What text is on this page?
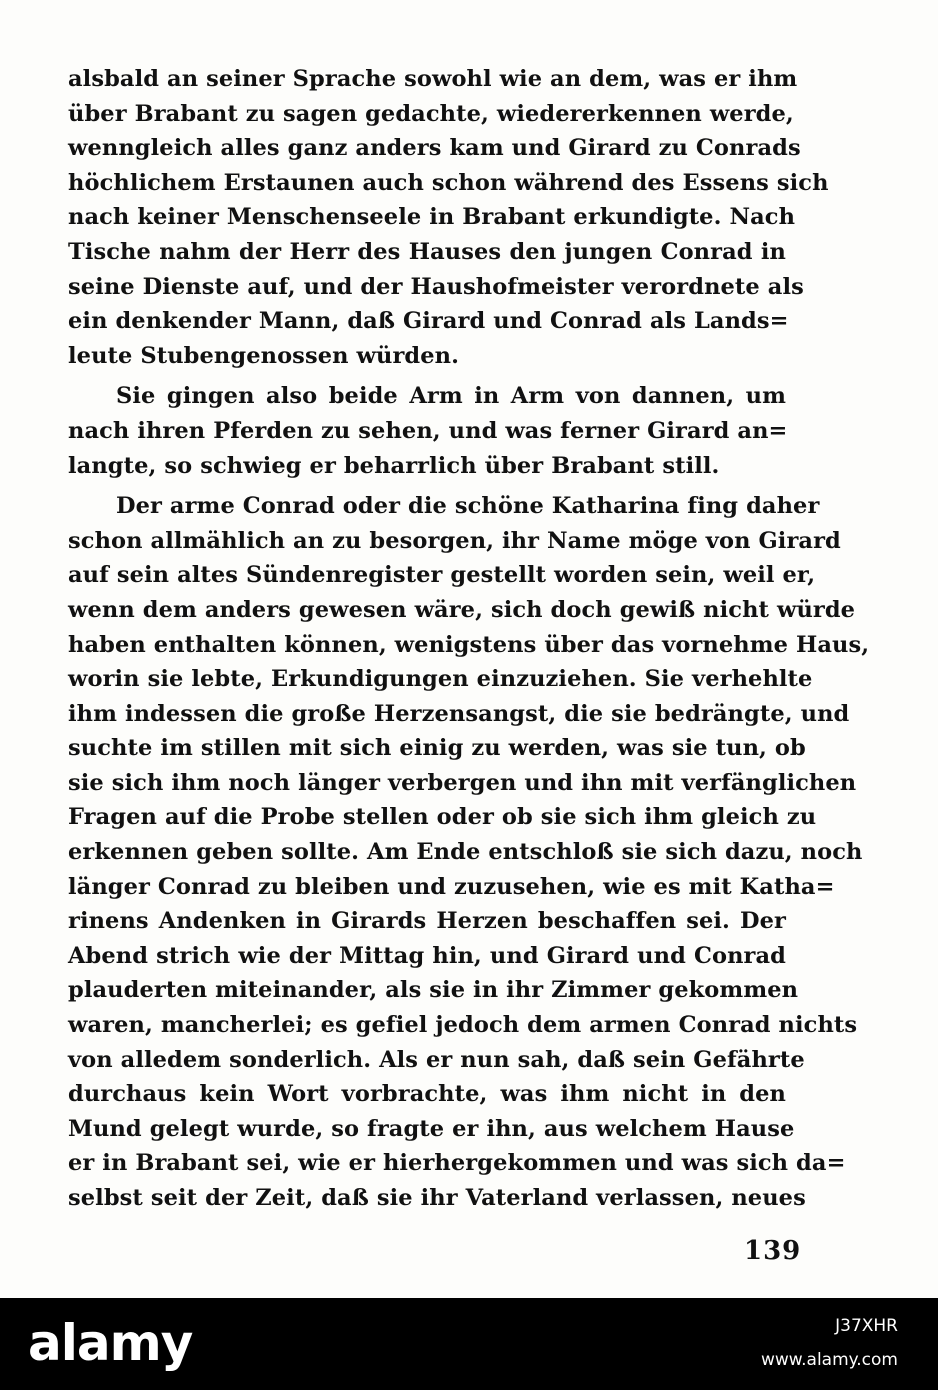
alsbald an seiner Sprache sowohl wie an dem, was er ihm
über Brabant zu sagen gedachte, wiedererkennen werde,
wenngleich alles ganz anders kam und Girard zu Conrads
höchlichem Erstaunen auch schon während des Essens sich
nach keiner Menschenseele in Brabant erkundigte. Nach
Tische nahm der Herr des Hauses den jungen Conrad in
seine Dienste auf, und der Haushofmeister verordnete als
ein denkender Mann, daß Girard und Conrad als Lands=
leute Stubengenossen würden.
Sie gingen also beide Arm in Arm von dannen, um
nach ihren Pferden zu sehen, und was ferner Girard an=
langte, so schwieg er beharrlich über Brabant still.
Der arme Conrad oder die schöne Katharina fing daher
schon allmählich an zu besorgen, ihr Name möge von Girard
auf sein altes Sündenregister gestellt worden sein, weil er,
wenn dem anders gewesen wäre, sich doch gewiß nicht würde
haben enthalten können, wenigstens über das vornehme Haus,
worin sie lebte, Erkundigungen einzuziehen. Sie verhehlte
ihm indessen die große Herzensangst, die sie bedrängte, und
suchte im stillen mit sich einig zu werden, was sie tun, ob
sie sich ihm noch länger verbergen und ihn mit verfänglichen
Fragen auf die Probe stellen oder ob sie sich ihm gleich zu
erkennen geben sollte. Am Ende entschloß sie sich dazu, noch
länger Conrad zu bleiben und zuzusehen, wie es mit Katha=
rinens Andenken in Girards Herzen beschaffen sei. Der
Abend strich wie der Mittag hin, und Girard und Conrad
plauderten miteinander, als sie in ihr Zimmer gekommen
waren, mancherlei; es gefiel jedoch dem armen Conrad nichts
von alledem sonderlich. Als er nun sah, daß sein Gefährte
durchaus kein Wort vorbrachte, was ihm nicht in den
Mund gelegt wurde, so fragte er ihn, aus welchem Hause
er in Brabant sei, wie er hierhergekommen und was sich da=
selbst seit der Zeit, daß sie ihr Vaterland verlassen, neues
139
alamy	J37XHR
www.alamy.com
